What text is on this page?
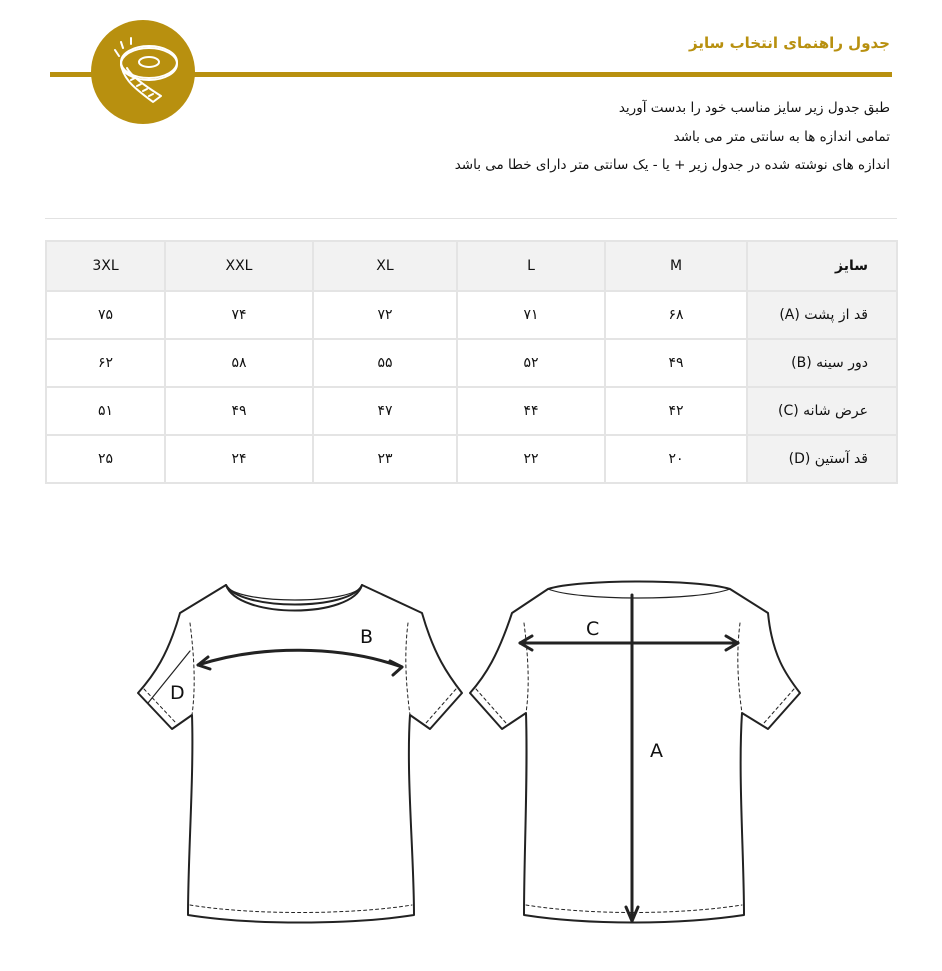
جدول راهنمای انتخاب سایز
طبق جدول زیر سایز مناسب خود را بدست آورید
تمامی اندازه ها به سانتی متر می باشد
اندازه های نوشته شده در جدول زیر + یا - یک سانتی متر دارای خطا می باشد
سایز	M	L	XL	XXL	3XL
قد از پشت (A)	۶۸	۷۱	۷۲	۷۴	۷۵
دور سینه (B)	۴۹	۵۲	۵۵	۵۸	۶۲
عرض شانه (C)	۴۲	۴۴	۴۷	۴۹	۵۱
قد آستین (D)	۲۰	۲۲	۲۳	۲۴	۲۵
B
D
C
A
